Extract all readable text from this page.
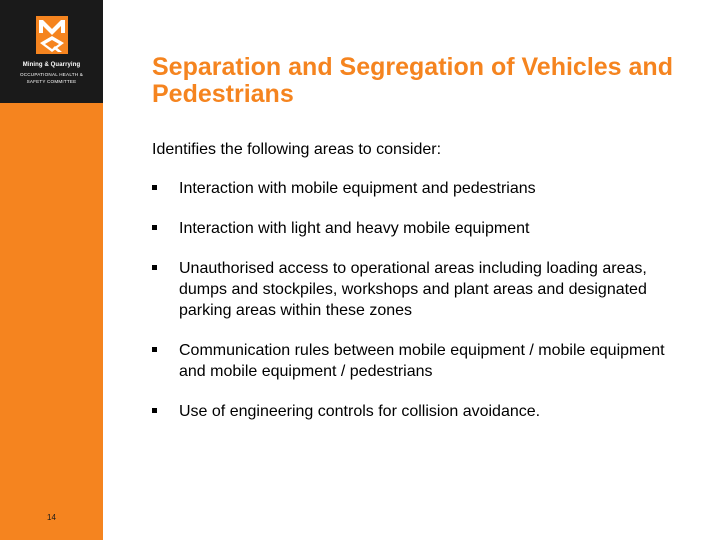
Mining & Quarrying
OCCUPATIONAL HEALTH &
SAFETY COMMITTEE
14
Separation and Segregation of Vehicles and Pedestrians

Identifies the following areas to consider:

Interaction with mobile equipment and pedestrians
Interaction with light and heavy mobile equipment
Unauthorised access to operational areas including loading areas, dumps and stockpiles, workshops and plant areas and designated parking areas within these zones
Communication rules between mobile equipment / mobile equipment and mobile equipment / pedestrians
Use of engineering controls for collision avoidance.
